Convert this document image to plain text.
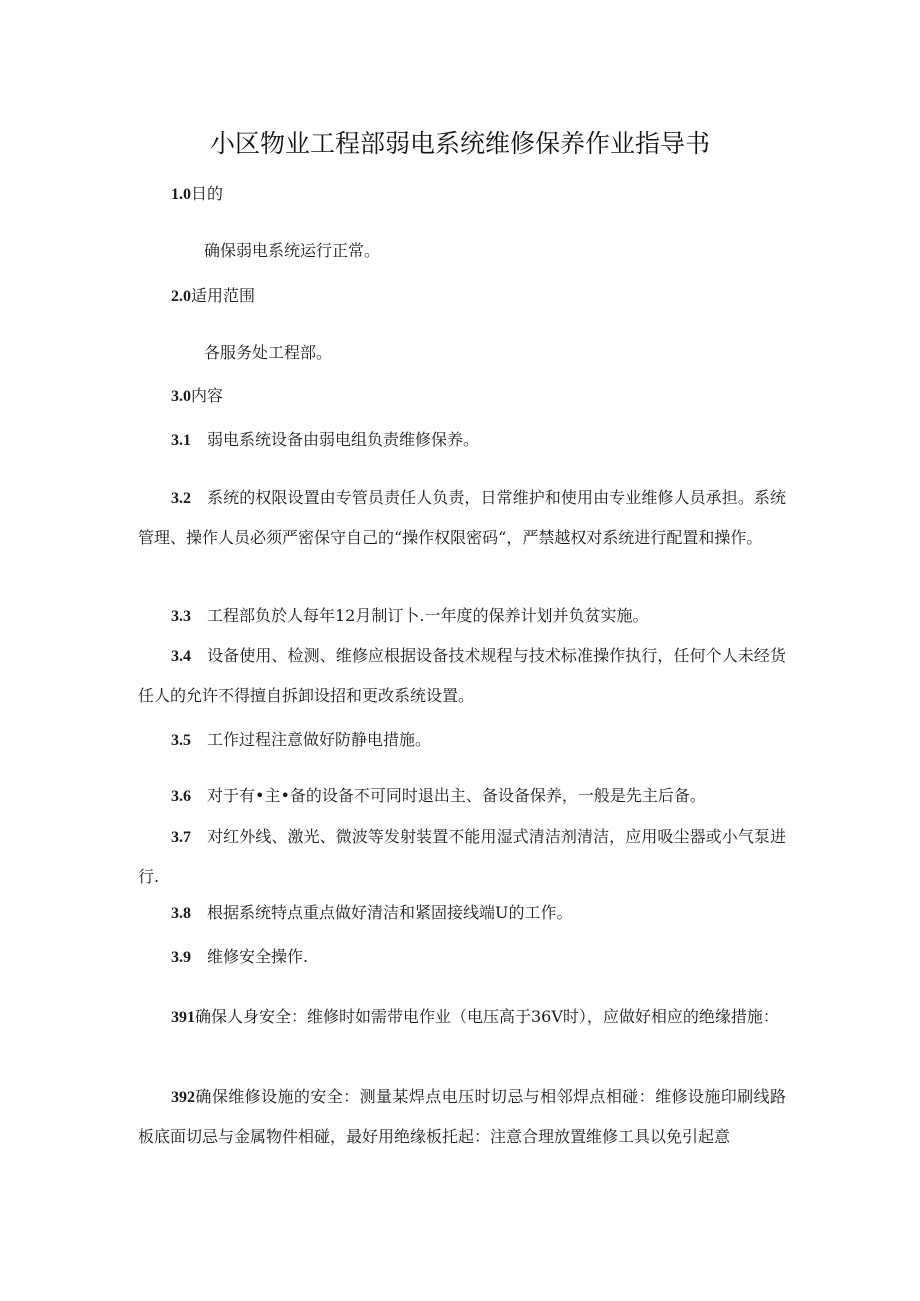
小区物业工程部弱电系统维修保养作业指导书
1.0日的
确保弱电系统运行正常。
2.0适用范围
各服务处工程部。
3.0内容
3.1 弱电系统设备由弱电组负责维修保养。
3.2 系统的权限设置由专管员责任人负责，日常维护和使用由专业维修人员承担。系统管理、操作人员必须严密保守自己的“操作权限密码“，严禁越权对系统进行配置和操作。
3.3 工程部负於人每年12月制订卜.一年度的保养计划并负贫实施。
3.4 设备使用、检测、维修应根据设备技术规程与技术标准操作执行，任何个人未经货任人的允许不得擅自拆卸设招和更改系统设置。
3.5 工作过程注意做好防静电措施。
3.6 对于有•主•备的设备不可同时退出主、备设备保养，一般是先主后备。
3.7 对红外线、激光、微波等发射装置不能用湿式清洁剂清洁，应用吸尘器或小气泵进行.
3.8 根据系统特点重点做好清洁和紧固接线端U的工作。
3.9 维修安全操作.
391确保人身安全：维修时如需带电作业（电压高于36V时），应做好相应的绝缘措施：
392确保维修设施的安全：测量某焊点电压时切忌与相邻焊点相碰：维修设施印刷线路板底面切忌与金属物件相碰，最好用绝缘板托起：注意合理放置维修工具以免引起意
